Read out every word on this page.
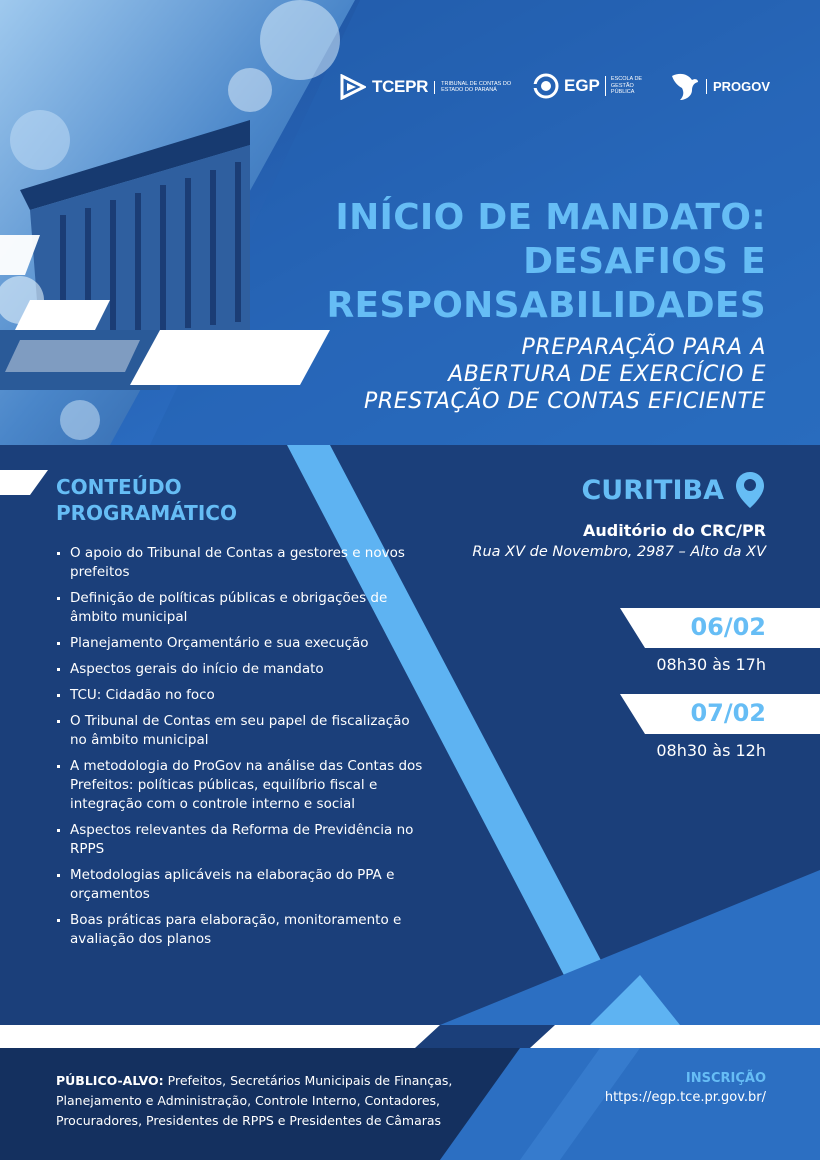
TCEPR	TRIBUNAL DE CONTAS DO ESTADO DO PARANÁ	EGP	ESCOLA DE GESTÃO PÚBLICA	PROGOV
INÍCIO DE MANDATO:
DESAFIOS E
RESPONSABILIDADES

PREPARAÇÃO PARA A

ABERTURA DE EXERCÍCIO E

PRESTAÇÃO DE CONTAS EFICIENTE

CONTEÚDO
PROGRAMÁTICO
O apoio do Tribunal de Contas a gestores e novos prefeitos
Definição de políticas públicas e obrigações de âmbito municipal
Planejamento Orçamentário e sua execução
Aspectos gerais do início de mandato
TCU: Cidadão no foco
O Tribunal de Contas em seu papel de fiscalização
no âmbito municipal
A metodologia do ProGov na análise das Contas dos Prefeitos: políticas públicas, equilíbrio fiscal e integração com o controle interno e social
Aspectos relevantes da Reforma de Previdência no RPPS
Metodologias aplicáveis na elaboração do PPA e orçamentos
Boas práticas para elaboração, monitoramento e avaliação dos planos
CURITIBA
Auditório do CRC/PR
Rua XV de Novembro, 2987 – Alto da XV
06/02
08h30 às 17h
07/02
08h30 às 12h
PÚBLICO-ALVO: Prefeitos, Secretários Municipais de Finanças, Planejamento e Administração, Controle Interno, Contadores, Procuradores, Presidentes de RPPS e Presidentes de Câmaras
INSCRIÇÃO
https://egp.tce.pr.gov.br/
